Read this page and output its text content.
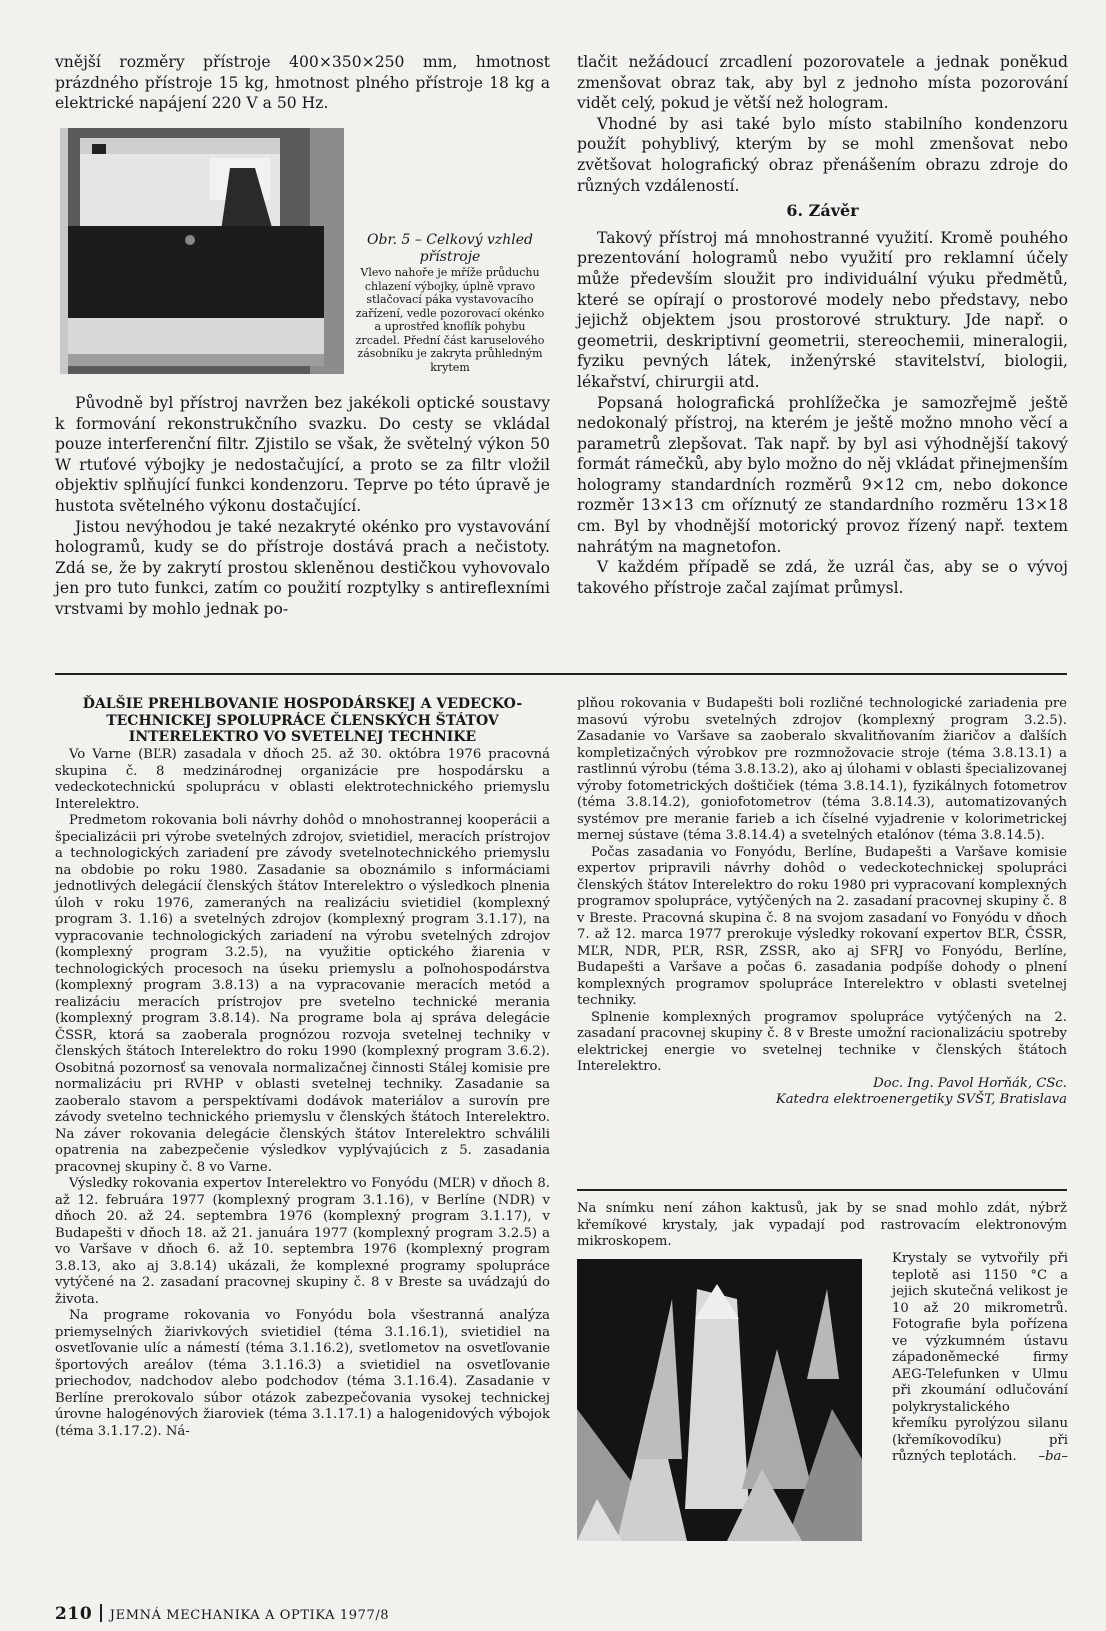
vnější rozměry přístroje 400×350×250 mm, hmotnost prázdného přístroje 15 kg, hmotnost plného přístroje 18 kg a elektrické napájení 220 V a 50 Hz.

Obr. 5 – Celkový vzhled přístroje
Vlevo nahoře je mříže průduchu chlazení výbojky, úplně vpravo stlačovací páka vystavovacího zařízení, vedle pozorovací okénko a uprostřed knoflík pohybu zrcadel. Přední část karuselového zásobníku je zakryta průhledným krytem

Původně byl přístroj navržen bez jakékoli optické soustavy k formování rekonstrukčního svazku. Do cesty se vkládal pouze interferenční filtr. Zjistilo se však, že světelný výkon 50 W rtuťové výbojky je nedostačující, a proto se za filtr vložil objektiv splňující funkci kondenzoru. Teprve po této úpravě je hustota světelného výkonu dostačující.

Jistou nevýhodou je také nezakryté okénko pro vystavování hologramů, kudy se do přístroje dostává prach a nečistoty. Zdá se, že by zakrytí prostou skleněnou destičkou vyhovovalo jen pro tuto funkci, zatím co použití rozptylky s antireflexními vrstvami by mohlo jednak po-

tlačit nežádoucí zrcadlení pozorovatele a jednak poněkud zmenšovat obraz tak, aby byl z jednoho místa pozorování vidět celý, pokud je větší než hologram.

Vhodné by asi také bylo místo stabilního kondenzoru použít pohyblivý, kterým by se mohl zmenšovat nebo zvětšovat holografický obraz přenášením obrazu zdroje do různých vzdáleností.

6. Závěr

Takový přístroj má mnohostranné využití. Kromě pouhého prezentování hologramů nebo využití pro reklamní účely může především sloužit pro individuální výuku předmětů, které se opírají o prostorové modely nebo představy, nebo jejichž objektem jsou prostorové struktury. Jde např. o geometrii, deskriptivní geometrii, stereochemii, mineralogii, fyziku pevných látek, inženýrské stavitelství, biologii, lékařství, chirurgii atd.

Popsaná holografická prohlížečka je samozřejmě ještě nedokonalý přístroj, na kterém je ještě možno mnoho věcí a parametrů zlepšovat. Tak např. by byl asi výhodnější takový formát rámečků, aby bylo možno do něj vkládat přinejmenším hologramy standardních rozměrů 9×12 cm, nebo dokonce rozměr 13×13 cm oříznutý ze standardního rozměru 13×18 cm. Byl by vhodnější motorický provoz řízený např. textem nahrátým na magnetofon.

V každém případě se zdá, že uzrál čas, aby se o vývoj takového přístroje začal zajímat průmysl.

ĎALŠIE PREHLBOVANIE HOSPODÁRSKEJ A VEDECKO-TECHNICKEJ SPOLUPRÁCE ČLENSKÝCH ŠTÁTOV INTERELEKTRO VO SVETELNEJ TECHNIKE

Vo Varne (BĽR) zasadala v dňoch 25. až 30. októbra 1976 pracovná skupina č. 8 medzinárodnej organizácie pre hospodársku a vedeckotechnickú spoluprácu v oblasti elektrotechnického priemyslu Interelektro.

Predmetom rokovania boli návrhy dohôd o mnohostrannej kooperácii a špecializácii pri výrobe svetelných zdrojov, svietidiel, meracích prístrojov a technologických zariadení pre závody svetelnotechnického priemyslu na obdobie po roku 1980. Zasadanie sa oboznámilo s informáciami jednotlivých delegácií členských štátov Interelektro o výsledkoch plnenia úloh v roku 1976, zameraných na realizáciu svietidiel (komplexný program 3. 1.16) a svetelných zdrojov (komplexný program 3.1.17), na vypracovanie technologických zariadení na výrobu svetelných zdrojov (komplexný program 3.2.5), na využitie optického žiarenia v technologických procesoch na úseku priemyslu a poľnohospodárstva (komplexný program 3.8.13) a na vypracovanie meracích metód a realizáciu meracích prístrojov pre svetelno technické merania (komplexný program 3.8.14). Na programe bola aj správa delegácie ČSSR, ktorá sa zaoberala prognózou rozvoja svetelnej techniky v členských štátoch Interelektro do roku 1990 (komplexný program 3.6.2). Osobitná pozornosť sa venovala normalizačnej činnosti Stálej komisie pre normalizáciu pri RVHP v oblasti svetelnej techniky. Zasadanie sa zaoberalo stavom a perspektívami dodávok materiálov a surovín pre závody svetelno technického priemyslu v členských štátoch Interelektro. Na záver rokovania delegácie členských štátov Interelektro schválili opatrenia na zabezpečenie výsledkov vyplývajúcich z 5. zasadania pracovnej skupiny č. 8 vo Varne.

Výsledky rokovania expertov Interelektro vo Fonyódu (MĽR) v dňoch 8. až 12. februára 1977 (komplexný program 3.1.16), v Berlíne (NDR) v dňoch 20. až 24. septembra 1976 (komplexný program 3.1.17), v Budapešti v dňoch 18. až 21. januára 1977 (komplexný program 3.2.5) a vo Varšave v dňoch 6. až 10. septembra 1976 (komplexný program 3.8.13, ako aj 3.8.14) ukázali, že komplexné programy spolupráce vytýčené na 2. zasadaní pracovnej skupiny č. 8 v Breste sa uvádzajú do života.

Na programe rokovania vo Fonyódu bola všestranná analýza priemyselných žiarivkových svietidiel (téma 3.1.16.1), svietidiel na osvetľovanie ulíc a námestí (téma 3.1.16.2), svetlometov na osvetľovanie športových areálov (téma 3.1.16.3) a svietidiel na osvetľovanie priechodov, nadchodov alebo podchodov (téma 3.1.16.4). Zasadanie v Berlíne prerokovalo súbor otázok zabezpečovania vysokej technickej úrovne halogénových žiaroviek (téma 3.1.17.1) a halogenidových výbojok (téma 3.1.17.2). Ná-

plňou rokovania v Budapešti boli rozličné technologické zariadenia pre masovú výrobu svetelných zdrojov (komplexný program 3.2.5). Zasadanie vo Varšave sa zaoberalo skvalitňovaním žiaričov a ďalších kompletizačných výrobkov pre rozmnožovacie stroje (téma 3.8.13.1) a rastlinnú výrobu (téma 3.8.13.2), ako aj úlohami v oblasti špecializovanej výroby fotometrických doštičiek (téma 3.8.14.1), fyzikálnych fotometrov (téma 3.8.14.2), goniofotometrov (téma 3.8.14.3), automatizovaných systémov pre meranie farieb a ich číselné vyjadrenie v kolorimetrickej mernej sústave (téma 3.8.14.4) a svetelných etalónov (téma 3.8.14.5).

Počas zasadania vo Fonyódu, Berlíne, Budapešti a Varšave komisie expertov pripravili návrhy dohôd o vedeckotechnickej spolupráci členských štátov Interelektro do roku 1980 pri vypracovaní komplexných programov spolupráce, vytýčených na 2. zasadaní pracovnej skupiny č. 8 v Breste. Pracovná skupina č. 8 na svojom zasadaní vo Fonyódu v dňoch 7. až 12. marca 1977 prerokuje výsledky rokovaní expertov BĽR, ČSSR, MĽR, NDR, PĽR, RSR, ZSSR, ako aj SFRJ vo Fonyódu, Berlíne, Budapešti a Varšave a počas 6. zasadania podpíše dohody o plnení komplexných programov spolupráce Interelektro v oblasti svetelnej techniky.

Splnenie komplexných programov spolupráce vytýčených na 2. zasadaní pracovnej skupiny č. 8 v Breste umožní racionalizáciu spotreby elektrickej energie vo svetelnej technike v členských štátoch Interelektro.

Doc. Ing. Pavol Horňák, CSc.
Katedra elektroenergetiky SVŠT, Bratislava

Na snímku není záhon kaktusů, jak by se snad mohlo zdát, nýbrž křemíkové krystaly, jak vypadají pod rastrovacím elektronovým mikroskopem.

Krystaly se vytvořily při teplotě asi 1150 °C a jejich skutečná velikost je 10 až 20 mikrometrů. Fotografie byla pořízena ve výzkumném ústavu západoněmecké firmy AEG-Telefunken v Ulmu při zkoumání odlučování polykrystalického křemíku pyrolýzou silanu (křemíkovodíku) při různých teplotách. –ba–

210 JEMNÁ MECHANIKA A OPTIKA 1977/8
